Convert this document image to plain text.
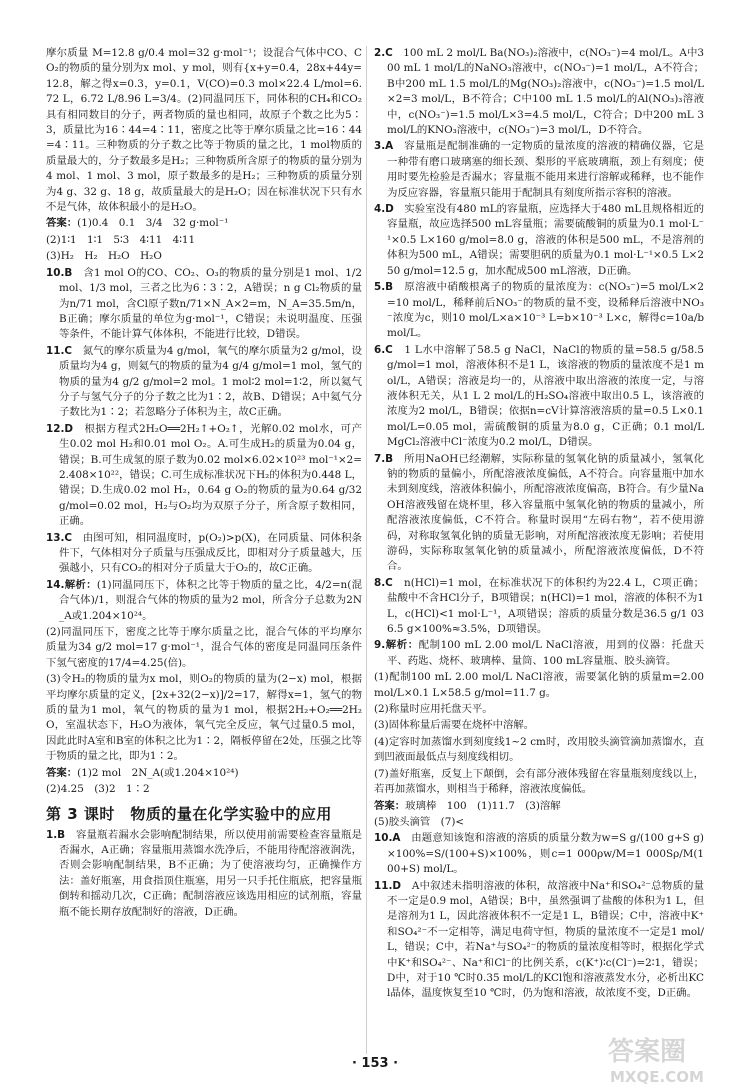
摩尔质量 M=12.8 g/0.4 mol=32 g·mol⁻¹；设混合气体中CO、CO₂的物质的量分别为x mol、y mol，则有{x+y=0.4，28x+44y=12.8，解之得x=0.3，y=0.1，V(CO)=0.3 mol×22.4 L/mol=6.72 L，6.72 L/8.96 L=3/4。(2)同温同压下，同体积的CH₄和CO₂具有相同数目的分子，两者物质的量也相同，故原子个数之比为5∶3，质量比为16∶44=4∶11，密度之比等于摩尔质量之比=16∶44=4∶11。三种物质的分子数之比等于物质的量之比，1 mol物质的质量最大的，分子数最多是H₂；三种物质所含原子的物质的量分别为4 mol、1 mol、3 mol，原子数最多的是H₂；三种物质的质量分别为4 g、32 g、18 g，故质量最大的是H₂O；因在标准状况下只有水不是气体，故体积最小的是H₂O。

答案：(1)0.4　0.1　3/4　32 g·mol⁻¹

(2)1∶1　1∶1　5∶3　4∶11　4∶11

(3)H₂　H₂　H₂O　H₂O

10.B　 含1 mol O的CO、CO₂、O₃的物质的量分别是1 mol、1/2 mol、1/3 mol，三者之比为6∶3∶2，A错误；n g Cl₂物质的量为n/71 mol，含Cl原子数n/71×N_A×2=m，N_A=35.5m/n，B正确；摩尔质量的单位为g·mol⁻¹，C错误；未说明温度、压强等条件，不能计算气体体积，不能进行比较，D错误。

11.C　 氮气的摩尔质量为4 g/mol，氧气的摩尔质量为2 g/mol，设质量均为4 g，则氦气的物质的量为4 g/4 g/mol=1 mol，氢气的物质的量为4 g/2 g/mol=2 mol。1 mol∶2 mol=1∶2，所以氦气分子与氢气分子的分子数之比为1∶2，故B、D错误；A中氦气分子数比为1∶2；若忽略分子体积为主，故C正确。

12.D　 根据方程式2H₂O══2H₂↑+O₂↑，光解0.02 mol水，可产生0.02 mol H₂和0.01 mol O₂。A.可生成H₂的质量为0.04 g，错误；B.可生成氢的原子数为0.02 mol×6.02×10²³ mol⁻¹×2=2.408×10²²，错误；C.可生成标准状况下H₂的体积为0.448 L，错误；D.生成0.02 mol H₂，0.64 g O₂的物质的量为0.64 g/32 g/mol=0.02 mol，H₂与O₂均为双原子分子，所含原子数相同，正确。

13.C　 由图可知，相同温度时，p(O₂)>p(X)，在同质量、同体积条件下，气体相对分子质量与压强成反比，即相对分子质量越大，压强越小，只有CO₂的相对分子质量大于O₂的，故C正确。

14.解析：(1)同温同压下，体积之比等于物质的量之比，4/2=n(混合气体)/1，则混合气体的物质的量为2 mol，所含分子总数为2N_A或1.204×10²⁴。

(2)同温同压下，密度之比等于摩尔质量之比，混合气体的平均摩尔质量为34 g/2 mol=17 g·mol⁻¹，混合气体的密度是同温同压条件下氢气密度的17/4=4.25(倍)。

(3)令H₂的物质的量为x mol，则O₂的物质的量为(2−x) mol，根据平均摩尔质量的定义，[2x+32(2−x)]/2=17，解得x=1，氢气的物质的量为1 mol，氧气的物质的量为1 mol，根据2H₂+O₂══2H₂O，室温状态下，H₂O为液体，氧气完全反应，氧气过量0.5 mol，因此此时A室和B室的体积之比为1∶2，隔板停留在2处，压强之比等于物质的量之比，即为1∶2。

答案：(1)2 mol　2N_A(或1.204×10²⁴)

(2)4.25　(3)2　1∶2

第 3 课时　物质的量在化学实验中的应用

1.B　 容量瓶若漏水会影响配制结果，所以使用前需要检查容量瓶是否漏水，A正确；容量瓶用蒸馏水洗净后，不能用待配溶液润洗，否则会影响配制结果，B不正确；为了使溶液均匀，正确操作方法：盖好瓶塞，用食指顶住瓶塞，用另一只手托住瓶底，把容量瓶倒转和摇动几次，C正确；配制溶液应该选用相应的试剂瓶，容量瓶不能长期存放配制好的溶液，D正确。

2.C　 100 mL 2 mol/L Ba(NO₃)₂溶液中，c(NO₃⁻)=4 mol/L。A中300 mL 1 mol/L的NaNO₃溶液中，c(NO₃⁻)=1 mol/L，A不符合；B中200 mL 1.5 mol/L的Mg(NO₃)₂溶液中，c(NO₃⁻)=1.5 mol/L×2=3 mol/L，B不符合；C中100 mL 1.5 mol/L的Al(NO₃)₃溶液中，c(NO₃⁻)=1.5 mol/L×3=4.5 mol/L，C符合；D中200 mL 3 mol/L的KNO₃溶液中，c(NO₃⁻)=3 mol/L，D不符合。

3.A　 容量瓶是配制准确的一定物质的量浓度的溶液的精确仪器，它是一种带有磨口玻璃塞的细长颈、梨形的平底玻璃瓶，颈上有刻度；使用时要先检验是否漏水；容量瓶不能用来进行溶解或稀释，也不能作为反应容器，容量瓶只能用于配制具有刻度所指示容积的溶液。

4.D　 实验室没有480 mL的容量瓶，应选择大于480 mL且规格相近的容量瓶，故应选择500 mL容量瓶；需要硫酸铜的质量为0.1 mol·L⁻¹×0.5 L×160 g/mol=8.0 g，溶液的体积是500 mL，不是溶剂的体积为500 mL，A错误；需要胆矾的质量为0.1 mol·L⁻¹×0.5 L×250 g/mol=12.5 g，加水配成500 mL溶液，D正确。

5.B　 原溶液中硝酸根离子的物质的量浓度为：c(NO₃⁻)=5 mol/L×2=10 mol/L，稀释前后NO₃⁻的物质的量不变，设稀释后溶液中NO₃⁻浓度为c，则10 mol/L×a×10⁻³ L=b×10⁻³ L×c，解得c=10a/b mol/L。

6.C　 1 L水中溶解了58.5 g NaCl，NaCl的物质的量=58.5 g/58.5 g/mol=1 mol，溶液体积不是1 L，该溶液的物质的量浓度不是1 mol/L，A错误；溶液是均一的，从溶液中取出溶液的浓度一定，与溶液体积无关，从1 L 2 mol/L的H₂SO₄溶液中取出0.5 L，该溶液的浓度为2 mol/L，B错误；依据n=cV计算溶液溶质的量=0.5 L×0.1 mol/L=0.05 mol，需硫酸铜的质量为8.0 g，C正确；0.1 mol/L MgCl₂溶液中Cl⁻浓度为0.2 mol/L，D错误。

7.B　 所用NaOH已经潮解，实际称量的氢氧化钠的质量减小，氢氧化钠的物质的量偏小，所配溶液浓度偏低，A不符合。向容量瓶中加水未到刻度线，溶液体积偏小，所配溶液浓度偏高，B符合。有少量NaOH溶液残留在烧杯里，移入容量瓶中氢氧化钠的物质的量减小，所配溶液浓度偏低，C不符合。称量时误用“左码右物”，若不使用游码，对称取氢氧化钠的质量无影响，对所配溶液浓度无影响；若使用游码，实际称取氢氧化钠的质量减小，所配溶液浓度偏低，D不符合。

8.C　 n(HCl)=1 mol，在标准状况下的体积约为22.4 L，C项正确；盐酸中不含HCl分子，B项错误；n(HCl)=1 mol，溶液的体积不为1 L，c(HCl)<1 mol·L⁻¹，A项错误；溶质的质量分数是36.5 g/1 036.5 g×100%≈3.5%，D项错误。

9.解析：配制100 mL 2.00 mol/L NaCl溶液，用到的仪器：托盘天平、药匙、烧杯、玻璃棒、量筒、100 mL容量瓶、胶头滴管。

(1)配制100 mL 2.00 mol/L NaCl溶液，需要氯化钠的质量m=2.00 mol/L×0.1 L×58.5 g/mol=11.7 g。

(2)称量时应用托盘天平。

(3)固体称量后需要在烧杯中溶解。

(4)定容时加蒸馏水到刻度线1~2 cm时，改用胶头滴管滴加蒸馏水，直到凹液面最低点与刻度线相切。

(7)盖好瓶塞，反复上下颠倒，会有部分液体残留在容量瓶刻度线以上，若再加蒸馏水，则相当于稀释，溶液浓度偏低。

答案：玻璃棒　100　(1)11.7　(3)溶解

(5)胶头滴管　(7)<

10.A　 由题意知该饱和溶液的溶质的质量分数为w=S g/(100 g+S g)×100%=S/(100+S)×100%，则c=1 000ρw/M=1 000Sρ/M(100+S) mol/L。

11.D　 A中叙述未指明溶液的体积，故溶液中Na⁺和SO₄²⁻总物质的量不一定是0.9 mol，A错误；B中，虽然强调了盐酸的体积为1 L，但是溶剂为1 L，因此溶液体积不一定是1 L，B错误；C中，溶液中K⁺和SO₄²⁻不一定相等，满足电荷守恒，物质的量浓度不一定是1 mol/L，错误；C中，若Na⁺与SO₄²⁻的物质的量浓度相等时，根据化学式中K⁺和SO₄²⁻、Na⁺和Cl⁻的比例关系，c(K⁺)∶c(Cl⁻)=2∶1，错误；D中，对于10 ℃时0.35 mol/L的KCl饱和溶液蒸发水分，必析出KCl晶体，温度恢复至10 ℃时，仍为饱和溶液，故浓度不变，D正确。

· 153 ·	答案圈
MXQE.COM
